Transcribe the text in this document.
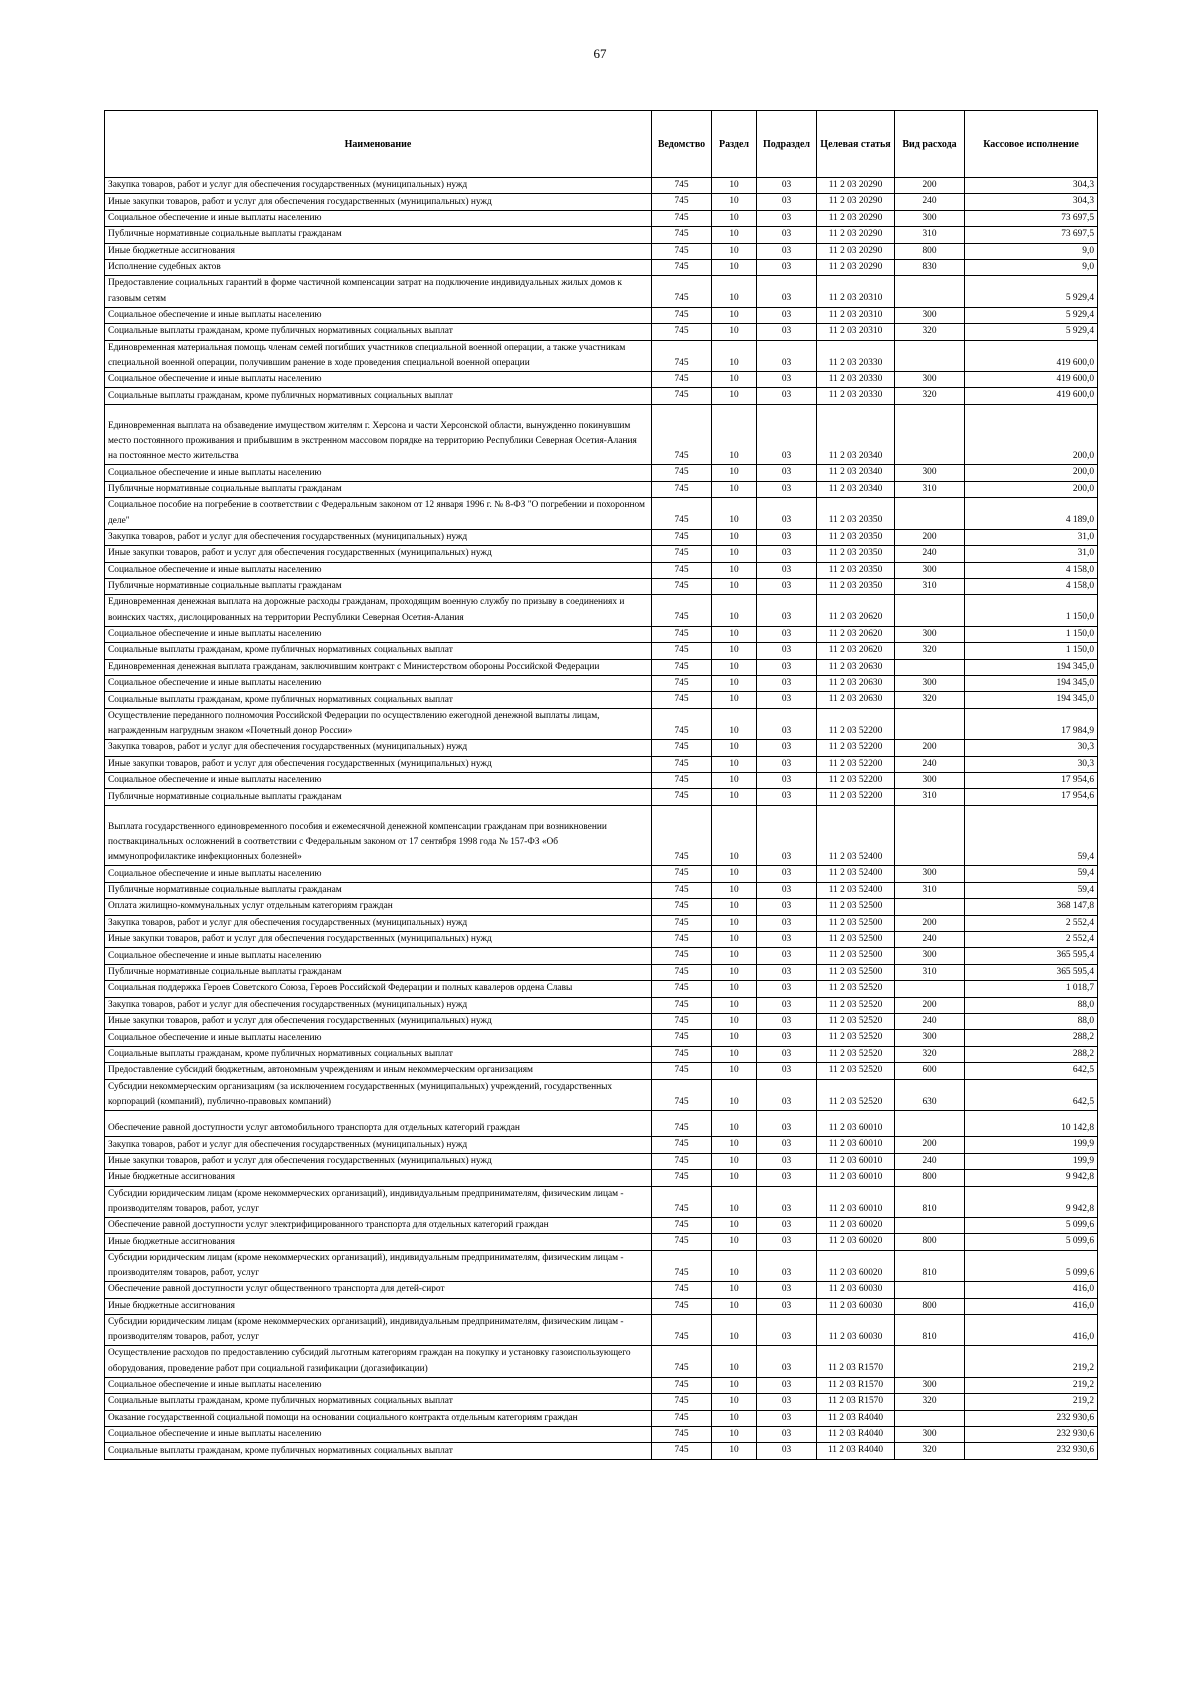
67
Наименование	Ведомство	Раздел	Подраздел	Целевая статья	Вид расхода	Кассовое исполнение
Закупка товаров, работ и услуг для обеспечения государственных (муниципальных) нужд	745	10	03	11 2 03 20290	200	304,3
Иные закупки товаров, работ и услуг для обеспечения государственных (муниципальных) нужд	745	10	03	11 2 03 20290	240	304,3
Социальное обеспечение и иные выплаты населению	745	10	03	11 2 03 20290	300	73 697,5
Публичные нормативные социальные выплаты гражданам	745	10	03	11 2 03 20290	310	73 697,5
Иные бюджетные ассигнования	745	10	03	11 2 03 20290	800	9,0
Исполнение судебных актов	745	10	03	11 2 03 20290	830	9,0
Предоставление социальных гарантий в форме частичной компенсации затрат на подключение индивидуальных жилых домов к газовым сетям	745	10	03	11 2 03 20310		5 929,4
Социальное обеспечение и иные выплаты населению	745	10	03	11 2 03 20310	300	5 929,4
Социальные выплаты гражданам, кроме публичных нормативных социальных выплат	745	10	03	11 2 03 20310	320	5 929,4
Единовременная материальная помощь членам семей погибших участников специальной военной операции, а также участникам специальной военной операции, получившим ранение в ходе проведения специальной военной операции	745	10	03	11 2 03 20330		419 600,0
Социальное обеспечение и иные выплаты населению	745	10	03	11 2 03 20330	300	419 600,0
Социальные выплаты гражданам, кроме публичных нормативных социальных выплат	745	10	03	11 2 03 20330	320	419 600,0
Единовременная выплата на обзаведение имуществом жителям г. Херсона и части Херсонской области, вынужденно покинувшим место постоянного проживания и прибывшим в экстренном массовом порядке на территорию Республики Северная Осетия-Алания на постоянное место жительства	745	10	03	11 2 03 20340		200,0
Социальное обеспечение и иные выплаты населению	745	10	03	11 2 03 20340	300	200,0
Публичные нормативные социальные выплаты гражданам	745	10	03	11 2 03 20340	310	200,0
Социальное пособие на погребение в соответствии с Федеральным законом от 12 января 1996 г. № 8-ФЗ "О погребении и похоронном деле"	745	10	03	11 2 03 20350		4 189,0
Закупка товаров, работ и услуг для обеспечения государственных (муниципальных) нужд	745	10	03	11 2 03 20350	200	31,0
Иные закупки товаров, работ и услуг для обеспечения государственных (муниципальных) нужд	745	10	03	11 2 03 20350	240	31,0
Социальное обеспечение и иные выплаты населению	745	10	03	11 2 03 20350	300	4 158,0
Публичные нормативные социальные выплаты гражданам	745	10	03	11 2 03 20350	310	4 158,0
Единовременная денежная выплата на дорожные расходы гражданам, проходящим военную службу по призыву в соединениях и воинских частях, дислоцированных на территории Республики Северная Осетия-Алания	745	10	03	11 2 03 20620		1 150,0
Социальное обеспечение и иные выплаты населению	745	10	03	11 2 03 20620	300	1 150,0
Социальные выплаты гражданам, кроме публичных нормативных социальных выплат	745	10	03	11 2 03 20620	320	1 150,0
Единовременная денежная выплата гражданам, заключившим контракт с Министерством обороны Российской Федерации	745	10	03	11 2 03 20630		194 345,0
Социальное обеспечение и иные выплаты населению	745	10	03	11 2 03 20630	300	194 345,0
Социальные выплаты гражданам, кроме публичных нормативных социальных выплат	745	10	03	11 2 03 20630	320	194 345,0
Осуществление переданного полномочия Российской Федерации по осуществлению ежегодной денежной выплаты лицам, награжденным нагрудным знаком «Почетный донор России»	745	10	03	11 2 03 52200		17 984,9
Закупка товаров, работ и услуг для обеспечения государственных (муниципальных) нужд	745	10	03	11 2 03 52200	200	30,3
Иные закупки товаров, работ и услуг для обеспечения государственных (муниципальных) нужд	745	10	03	11 2 03 52200	240	30,3
Социальное обеспечение и иные выплаты населению	745	10	03	11 2 03 52200	300	17 954,6
Публичные нормативные социальные выплаты гражданам	745	10	03	11 2 03 52200	310	17 954,6
Выплата государственного единовременного пособия и ежемесячной денежной компенсации гражданам при возникновении поствакцинальных осложнений в соответствии с Федеральным законом от 17 сентября 1998 года № 157-ФЗ «Об иммунопрофилактике инфекционных болезней»	745	10	03	11 2 03 52400		59,4
Социальное обеспечение и иные выплаты населению	745	10	03	11 2 03 52400	300	59,4
Публичные нормативные социальные выплаты гражданам	745	10	03	11 2 03 52400	310	59,4
Оплата жилищно-коммунальных услуг отдельным категориям граждан	745	10	03	11 2 03 52500		368 147,8
Закупка товаров, работ и услуг для обеспечения государственных (муниципальных) нужд	745	10	03	11 2 03 52500	200	2 552,4
Иные закупки товаров, работ и услуг для обеспечения государственных (муниципальных) нужд	745	10	03	11 2 03 52500	240	2 552,4
Социальное обеспечение и иные выплаты населению	745	10	03	11 2 03 52500	300	365 595,4
Публичные нормативные социальные выплаты гражданам	745	10	03	11 2 03 52500	310	365 595,4
Социальная поддержка Героев Советского Союза, Героев Российской Федерации и полных кавалеров ордена Славы	745	10	03	11 2 03 52520		1 018,7
Закупка товаров, работ и услуг для обеспечения государственных (муниципальных) нужд	745	10	03	11 2 03 52520	200	88,0
Иные закупки товаров, работ и услуг для обеспечения государственных (муниципальных) нужд	745	10	03	11 2 03 52520	240	88,0
Социальное обеспечение и иные выплаты населению	745	10	03	11 2 03 52520	300	288,2
Социальные выплаты гражданам, кроме публичных нормативных социальных выплат	745	10	03	11 2 03 52520	320	288,2
Предоставление субсидий бюджетным, автономным учреждениям и иным некоммерческим организациям	745	10	03	11 2 03 52520	600	642,5
Субсидии некоммерческим организациям (за исключением государственных (муниципальных) учреждений, государственных корпораций (компаний), публично-правовых компаний)	745	10	03	11 2 03 52520	630	642,5
Обеспечение равной доступности услуг автомобильного транспорта для отдельных категорий граждан	745	10	03	11 2 03 60010		10 142,8
Закупка товаров, работ и услуг для обеспечения государственных (муниципальных) нужд	745	10	03	11 2 03 60010	200	199,9
Иные закупки товаров, работ и услуг для обеспечения государственных (муниципальных) нужд	745	10	03	11 2 03 60010	240	199,9
Иные бюджетные ассигнования	745	10	03	11 2 03 60010	800	9 942,8
Субсидии юридическим лицам (кроме некоммерческих организаций), индивидуальным предпринимателям, физическим лицам - производителям товаров, работ, услуг	745	10	03	11 2 03 60010	810	9 942,8
Обеспечение равной доступности услуг электрифицированного транспорта для отдельных категорий граждан	745	10	03	11 2 03 60020		5 099,6
Иные бюджетные ассигнования	745	10	03	11 2 03 60020	800	5 099,6
Субсидии юридическим лицам (кроме некоммерческих организаций), индивидуальным предпринимателям, физическим лицам - производителям товаров, работ, услуг	745	10	03	11 2 03 60020	810	5 099,6
Обеспечение равной доступности услуг общественного транспорта для детей-сирот	745	10	03	11 2 03 60030		416,0
Иные бюджетные ассигнования	745	10	03	11 2 03 60030	800	416,0
Субсидии юридическим лицам (кроме некоммерческих организаций), индивидуальным предпринимателям, физическим лицам - производителям товаров, работ, услуг	745	10	03	11 2 03 60030	810	416,0
Осуществление расходов по предоставлению субсидий льготным категориям граждан на покупку и установку газоиспользующего оборудования, проведение работ при социальной газификации (догазификации)	745	10	03	11 2 03 R1570		219,2
Социальное обеспечение и иные выплаты населению	745	10	03	11 2 03 R1570	300	219,2
Социальные выплаты гражданам, кроме публичных нормативных социальных выплат	745	10	03	11 2 03 R1570	320	219,2
Оказание государственной социальной помощи на основании социального контракта отдельным категориям граждан	745	10	03	11 2 03 R4040		232 930,6
Социальное обеспечение и иные выплаты населению	745	10	03	11 2 03 R4040	300	232 930,6
Социальные выплаты гражданам, кроме публичных нормативных социальных выплат	745	10	03	11 2 03 R4040	320	232 930,6
